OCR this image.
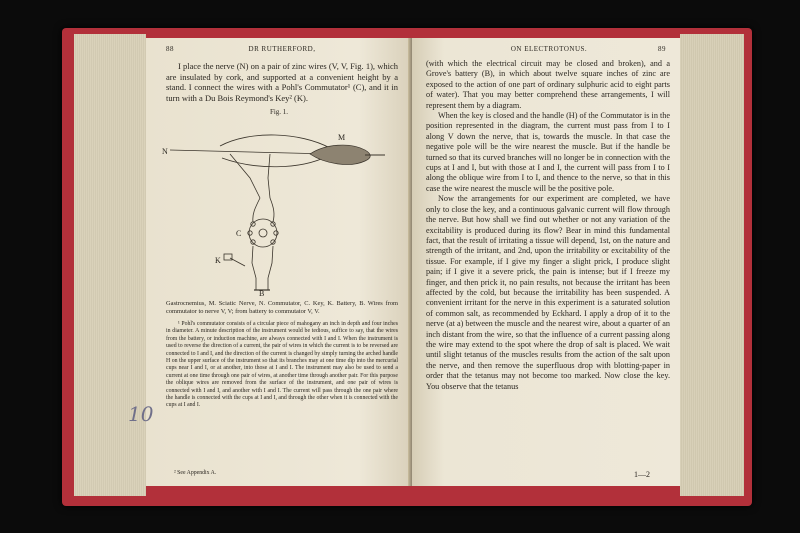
88	DR RUTHERFORD,

I place the nerve (N) on a pair of zinc wires (V, V, Fig. 1), which are insulated by cork, and supported at a convenient height by a stand. I connect the wires with a Pohl's Commutator¹ (C), and it in turn with a Du Bois Reymond's Key² (K).

Fig. 1.
N
M
C
K
B
Gastrocnemius, M. Sciatic Nerve, N. Commutator, C. Key, K. Battery, B. Wires from commutator to nerve V, V; from battery to commutator V, V.

¹ Pohl's commutator consists of a circular piece of mahogany an inch in depth and four inches in diameter. A minute description of the instrument would be tedious, suffice to say, that the wires from the battery, or induction machine, are always connected with I and I. When the instrument is used to reverse the direction of a current, the pair of wires in which the current is to be reversed are connected to I and I, and the direction of the current is changed by simply turning the arched handle H on the upper surface of the instrument so that its branches may at one time dip into the mercurial cups near I and I, or at another, into those at I and I. The instrument may also be used to send a current at one time through one pair of wires, at another time through another pair. For this purpose the oblique wires are removed from the surface of the instrument, and one pair of wires is connected with I and I, and another with I and I. The current will pass through the one pair where the handle is connected with the cups at I and I, and through the other when it is connected with the cups at I and I.

² See Appendix A.
10
ON ELECTROTONUS.	89

(with which the electrical circuit may be closed and broken), and a Grove's battery (B), in which about twelve square inches of zinc are exposed to the action of one part of ordinary sulphuric acid to eight parts of water). That you may better comprehend these arrangements, I will represent them by a diagram.

When the key is closed and the handle (H) of the Commutator is in the position represented in the diagram, the current must pass from I to I along V down the nerve, that is, towards the muscle. In that case the negative pole will be the wire nearest the muscle. But if the handle be turned so that its curved branches will no longer be in connection with the cups at I and I, but with those at I and I, the current will pass from I to I along the oblique wire from I to I, and thence to the nerve, so that in this case the wire nearest the muscle will be the positive pole.

Now the arrangements for our experiment are completed, we have only to close the key, and a continuous galvanic current will flow through the nerve. But how shall we find out whether or not any variation of the excitability is produced during its flow? Bear in mind this fundamental fact, that the result of irritating a tissue will depend, 1st, on the nature and strength of the irritant, and 2nd, upon the irritability or excitability of the tissue. For example, if I give my finger a slight prick, I produce slight pain; if I give it a severe prick, the pain is intense; but if I freeze my finger, and then prick it, no pain results, not because the irritant has been affected by the cold, but because the irritability has been suspended. A convenient irritant for the nerve in this experiment is a saturated solution of common salt, as recommended by Eckhard. I apply a drop of it to the nerve (at a) between the muscle and the nearest wire, about a quarter of an inch distant from the wire, so that the influence of a current passing along the wire may extend to the spot where the drop of salt is placed. We wait until slight tetanus of the muscles results from the action of the salt upon the nerve, and then remove the superfluous drop with blotting-paper in order that the tetanus may not become too marked. Now close the key. You observe that the tetanus

1—2
